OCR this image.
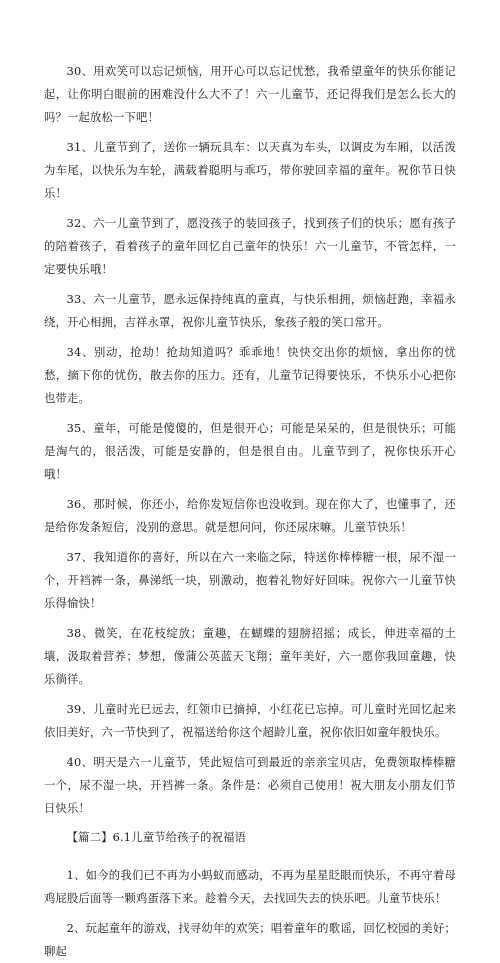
30、用欢笑可以忘记烦恼，用开心可以忘记忧愁，我希望童年的快乐你能记起，让你明白眼前的困难没什么大不了！六一儿童节，还记得我们是怎么长大的吗？一起放松一下吧！

31、儿童节到了，送你一辆玩具车：以天真为车头，以调皮为车厢，以活泼为车尾，以快乐为车轮，满载着聪明与乖巧，带你驶回幸福的童年。祝你节日快乐！

32、六一儿童节到了，愿没孩子的装回孩子，找到孩子们的快乐；愿有孩子的陪着孩子，看着孩子的童年回忆自己童年的快乐！六一儿童节，不管怎样，一定要快乐哦！

33、六一儿童节，愿永远保持纯真的童真，与快乐相拥，烦恼赶跑，幸福永绕，开心相拥，吉祥永罩，祝你儿童节快乐，象孩子般的笑口常开。

34、别动，抢劫！抢劫知道吗？乖乖地！快快交出你的烦恼，拿出你的忧愁，摘下你的忧伤，散去你的压力。还有，儿童节记得要快乐，不快乐小心把你也带走。

35、童年，可能是傻傻的，但是很开心；可能是呆呆的，但是很快乐；可能是淘气的，很活泼，可能是安静的，但是很自由。儿童节到了，祝你快乐开心哦！

36、那时候，你还小，给你发短信你也没收到。现在你大了，也懂事了，还是给你发条短信，没别的意思。就是想问问，你还尿床嘛。儿童节快乐！

37、我知道你的喜好，所以在六一来临之际，特送你棒棒糖一根，尿不湿一个，开裆裤一条，鼻涕纸一块，别激动，抱着礼物好好回味。祝你六一儿童节快乐得愉快！

38、微笑，在花枝绽放；童趣，在蝴蝶的翅膀招摇；成长，伸进幸福的土壤，汲取着营养；梦想，像蒲公英蓝天飞翔；童年美好，六一愿你我回童趣，快乐徜徉。

39、儿童时光已远去，红领巾已摘掉，小红花已忘掉。可儿童时光回忆起来依旧美好，六一节快到了，祝福送给你这个超龄儿童，祝你依旧如童年般快乐。

40、明天是六一儿童节，凭此短信可到最近的亲亲宝贝店，免费领取棒棒糖一个，尿不湿一块，开裆裤一条。条件是：必须自己使用！祝大朋友小朋友们节日快乐！

【篇二】6.1儿童节给孩子的祝福语

1、如今的我们已不再为小蚂蚁而感动，不再为星星眨眼而快乐，不再守着母鸡屁股后面等一颗鸡蛋落下来。趁着今天，去找回失去的快乐吧。儿童节快乐！

2、玩起童年的游戏，找寻幼年的欢笑；唱着童年的歌谣，回忆校园的美好；聊起
